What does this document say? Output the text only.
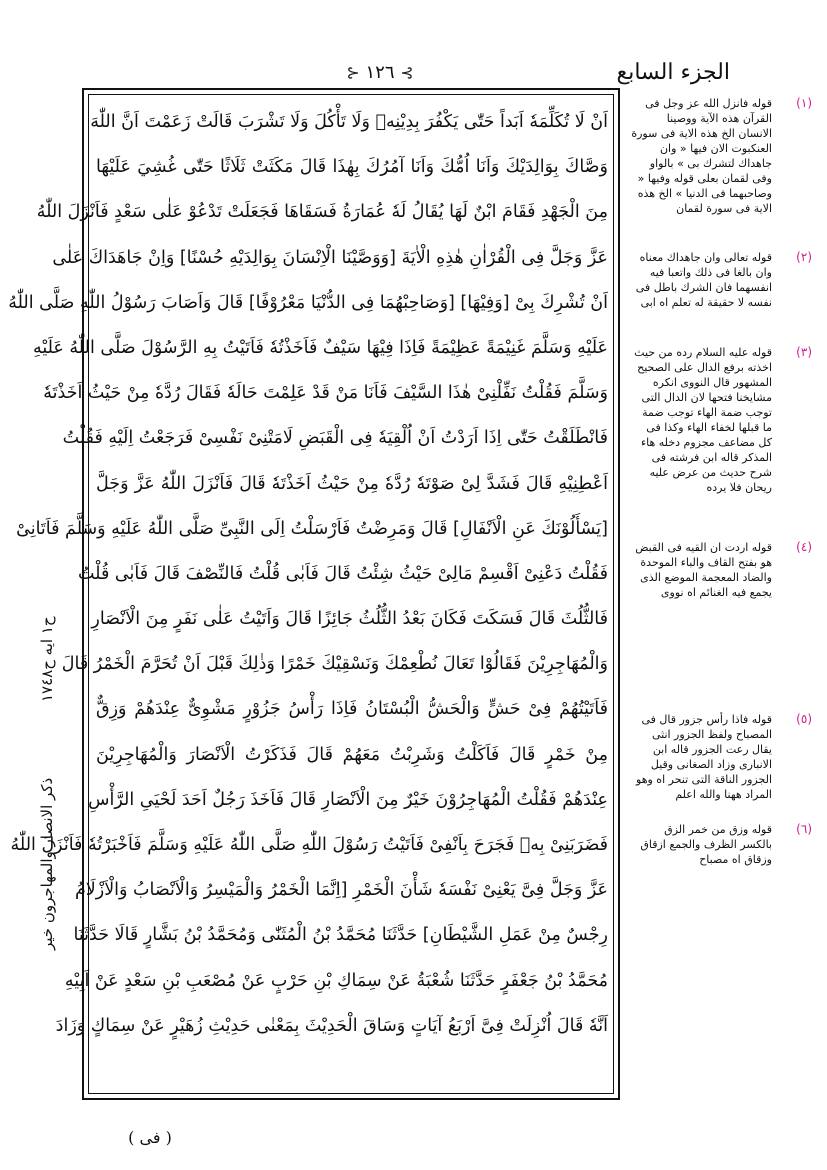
الجزء السابع
⊱ ١٢٦ ⊰
اَنْ لَا تُكَلِّمَهٗ اَبَداً حَتّٰى يَكْفُرَ بِدِيْنِهٖ وَلَا تَأْكُلَ وَلَا تَشْرَبَ قَالَتْ زَعَمْتَ اَنَّ اللّٰهَ
وَصَّاكَ بِوَالِدَيْكَ وَاَنَا اُمُّكَ وَاَنَا آمُرُكَ بِهٰذَا قَالَ مَكَثَتْ ثَلَاثًا حَتّٰى غُشِيَ عَلَيْهَا
مِنَ الْجَهْدِ فَقَامَ ابْنٌ لَهَا يُقَالُ لَهٗ عُمَارَةُ فَسَقَاهَا فَجَعَلَتْ تَدْعُوْ عَلٰى سَعْدٍ فَاَنْزَلَ اللّٰهُ
عَزَّ وَجَلَّ فِى الْقُرْاٰنِ هٰذِهِ الْاٰيَةَ [وَوَصَّيْنَا الْاِنْسَانَ بِوَالِدَيْهِ حُسْنًا] وَاِنْ جَاهَدَاكَ عَلٰى
اَنْ تُشْرِكَ بِىْ [وَفِيْهَا] [وَصَاحِبْهُمَا فِى الدُّنْيَا مَعْرُوْفًا] قَالَ وَاَصَابَ رَسُوْلُ اللّٰهِ صَلَّى اللّٰهُ
عَلَيْهِ وَسَلَّمَ غَنِيْمَةً عَظِيْمَةً فَاِذَا فِيْهَا سَيْفٌ فَاَخَذْتُهٗ فَاَتَيْتُ بِهِ الرَّسُوْلَ صَلَّى اللّٰهُ عَلَيْهِ
وَسَلَّمَ فَقُلْتُ نَفِّلْنِىْ هٰذَا السَّيْفَ فَاَنَا مَنْ قَدْ عَلِمْتَ حَالَهٗ فَقَالَ رُدَّهٗ مِنْ حَيْثُ اَخَذْتَهٗ
فَانْطَلَقْتُ حَتّٰى اِذَا اَرَدْتُ اَنْ اُلْقِيَهٗ فِى الْقَبَضِ لَامَتْنِىْ نَفْسِىْ فَرَجَعْتُ اِلَيْهِ فَقُلْتُ
اَعْطِنِيْهِ قَالَ فَشَدَّ لِىْ صَوْتَهٗ رُدَّهٗ مِنْ حَيْثُ اَخَذْتَهٗ قَالَ فَاَنْزَلَ اللّٰهُ عَزَّ وَجَلَّ
[يَسْأَلُوْنَكَ عَنِ الْاَنْفَالِ] قَالَ وَمَرِضْتُ فَاَرْسَلْتُ اِلَى النَّبِىِّ صَلَّى اللّٰهُ عَلَيْهِ وَسَلَّمَ فَاَتَانِىْ
فَقُلْتُ دَعْنِىْ اَقْسِمْ مَالِىْ حَيْثُ شِئْتُ قَالَ فَاَبٰى قُلْتُ فَالنِّصْفَ قَالَ فَاَبٰى قُلْتُ
فَالثُّلُثَ قَالَ فَسَكَتَ فَكَانَ بَعْدُ الثُّلُثُ جَائِزًا قَالَ وَاَتَيْتُ عَلٰى نَفَرٍ مِنَ الْاَنْصَارِ
وَالْمُهَاجِرِيْنَ فَقَالُوْا تَعَالَ نُطْعِمْكَ وَنَسْقِيْكَ خَمْرًا وَذٰلِكَ قَبْلَ اَنْ تُحَرَّمَ الْخَمْرُ قَالَ
فَاَتَيْتُهُمْ فِىْ حَشٍّ وَالْحَشُّ الْبُسْتَانُ فَاِذَا رَأْسُ جَزُوْرٍ مَشْوِىٌّ عِنْدَهُمْ وَزِقٌّ
مِنْ خَمْرٍ قَالَ فَاَكَلْتُ وَشَرِبْتُ مَعَهُمْ قَالَ فَذَكَرْتُ الْاَنْصَارَ وَالْمُهَاجِرِيْنَ
عِنْدَهُمْ فَقُلْتُ الْمُهَاجِرُوْنَ خَيْرٌ مِنَ الْاَنْصَارِ قَالَ فَاَخَذَ رَجُلٌ اَحَدَ لَحْيَىِ الرَّأْسِ
فَضَرَبَنِىْ بِهٖ فَجَرَحَ بِاَنْفِىْ فَاَتَيْتُ رَسُوْلَ اللّٰهِ صَلَّى اللّٰهُ عَلَيْهِ وَسَلَّمَ فَاَخْبَرْتُهٗ فَاَنْزَلَ اللّٰهُ
عَزَّ وَجَلَّ فِىَّ يَعْنِىْ نَفْسَهٗ شَأْنَ الْخَمْرِ [اِنَّمَا الْخَمْرُ وَالْمَيْسِرُ وَالْاَنْصَابُ وَالْاَزْلَامُ
رِجْسٌ مِنْ عَمَلِ الشَّيْطَانِ] حَدَّثَنَا مُحَمَّدُ بْنُ الْمُثَنّٰى وَمُحَمَّدُ بْنُ بَشَّارٍ قَالَا حَدَّثَنَا
مُحَمَّدُ بْنُ جَعْفَرٍ حَدَّثَنَا شُعْبَةُ عَنْ سِمَاكِ بْنِ حَرْبٍ عَنْ مُصْعَبِ بْنِ سَعْدٍ عَنْ اَبِيْهِ
اَنَّهٗ قَالَ اُنْزِلَتْ فِىَّ اَرْبَعُ آيَاتٍ وَسَاقَ الْحَدِيْثَ بِمَعْنٰى حَدِيْثِ زُهَيْرٍ عَنْ سِمَاكٍ وَزَادَ
(١)
قوله فانزل الله عز وجل فى القرآن هذه الآية ووصينا الانسان الخ هذه الاية فى سورة العنكبوت الان فيها « وان جاهداك لتشرك بى » بالواو وفى لقمان بعلى قوله وفيها « وصاحبهما فى الدنيا » الخ هذه الاية فى سورة لقمان
(٢)
قوله تعالى وان جاهداك معناه وان بالغا فى ذلك واتعبا فيه انفسهما فان الشرك باطل فى نفسه لا حقيقة له تعلم اه ابى
(٣)
قوله عليه السلام رده من حيث اخذته برفع الدال على الصحيح المشهور قال النووى انكره مشايخنا فتحها لان الدال التى توجب ضمة الهاء توجب ضمة ما قبلها لخفاء الهاء وكذا فى كل مضاعف مجزوم دخله هاء المذكر قاله ابن فرشته فى شرح حديث من عرض عليه ريحان فلا يرده
(٤)
قوله اردت ان القيه فى القبض هو بفتح القاف والباء الموحدة والضاد المعجمة الموضع الذى يجمع فيه الغنائم اه نووى
(٥)
قوله فاذا رأس جزور قال فى المصباح ولفظ الجزور انثى يقال رعت الجزور قاله ابن الانبارى وزاد الصغانى وقيل الجزور الناقة التى تنحر اه وهو المراد ههنا والله اعلم
(٦)
قوله وزق من خمر الزق بالكسر الظرف والجمع ازقاق وزقاق اه مصباح
ح١ ايه ح١٧٤٨
ذكر الانصار والمهاجرون خير
( فى )
